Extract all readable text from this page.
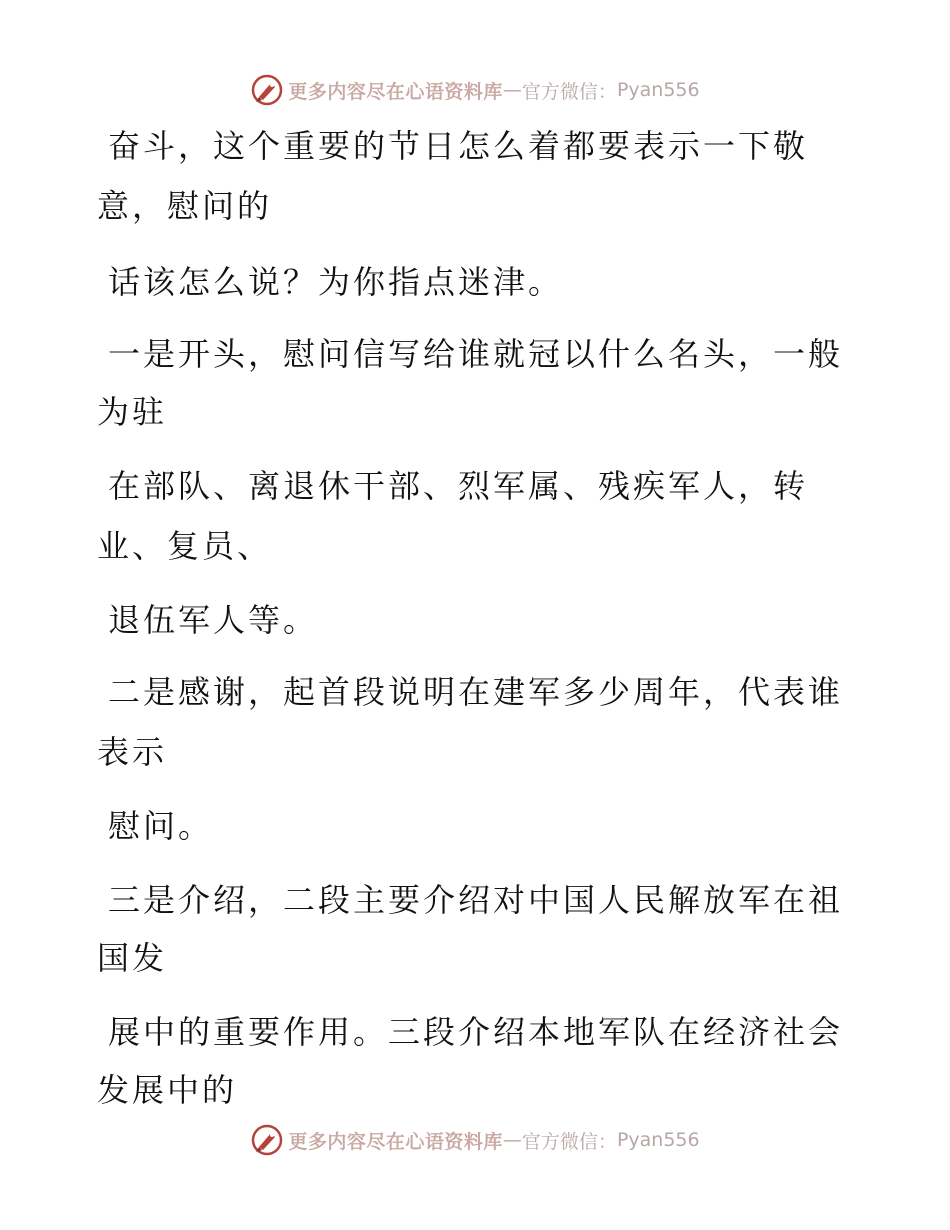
更多内容尽在心语资料库 — 官方微信： Pyan556
奋斗，这个重要的节日怎么着都要表示一下敬
意，慰问的
话该怎么说？为你指点迷津。
一是开头，慰问信写给谁就冠以什么名头，一般
为驻
在部队、离退休干部、烈军属、残疾军人，转
业、复员、
退伍军人等。
二是感谢，起首段说明在建军多少周年，代表谁
表示
慰问。
三是介绍，二段主要介绍对中国人民解放军在祖
国发
展中的重要作用。三段介绍本地军队在经济社会
发展中的
更多内容尽在心语资料库 — 官方微信： Pyan556
